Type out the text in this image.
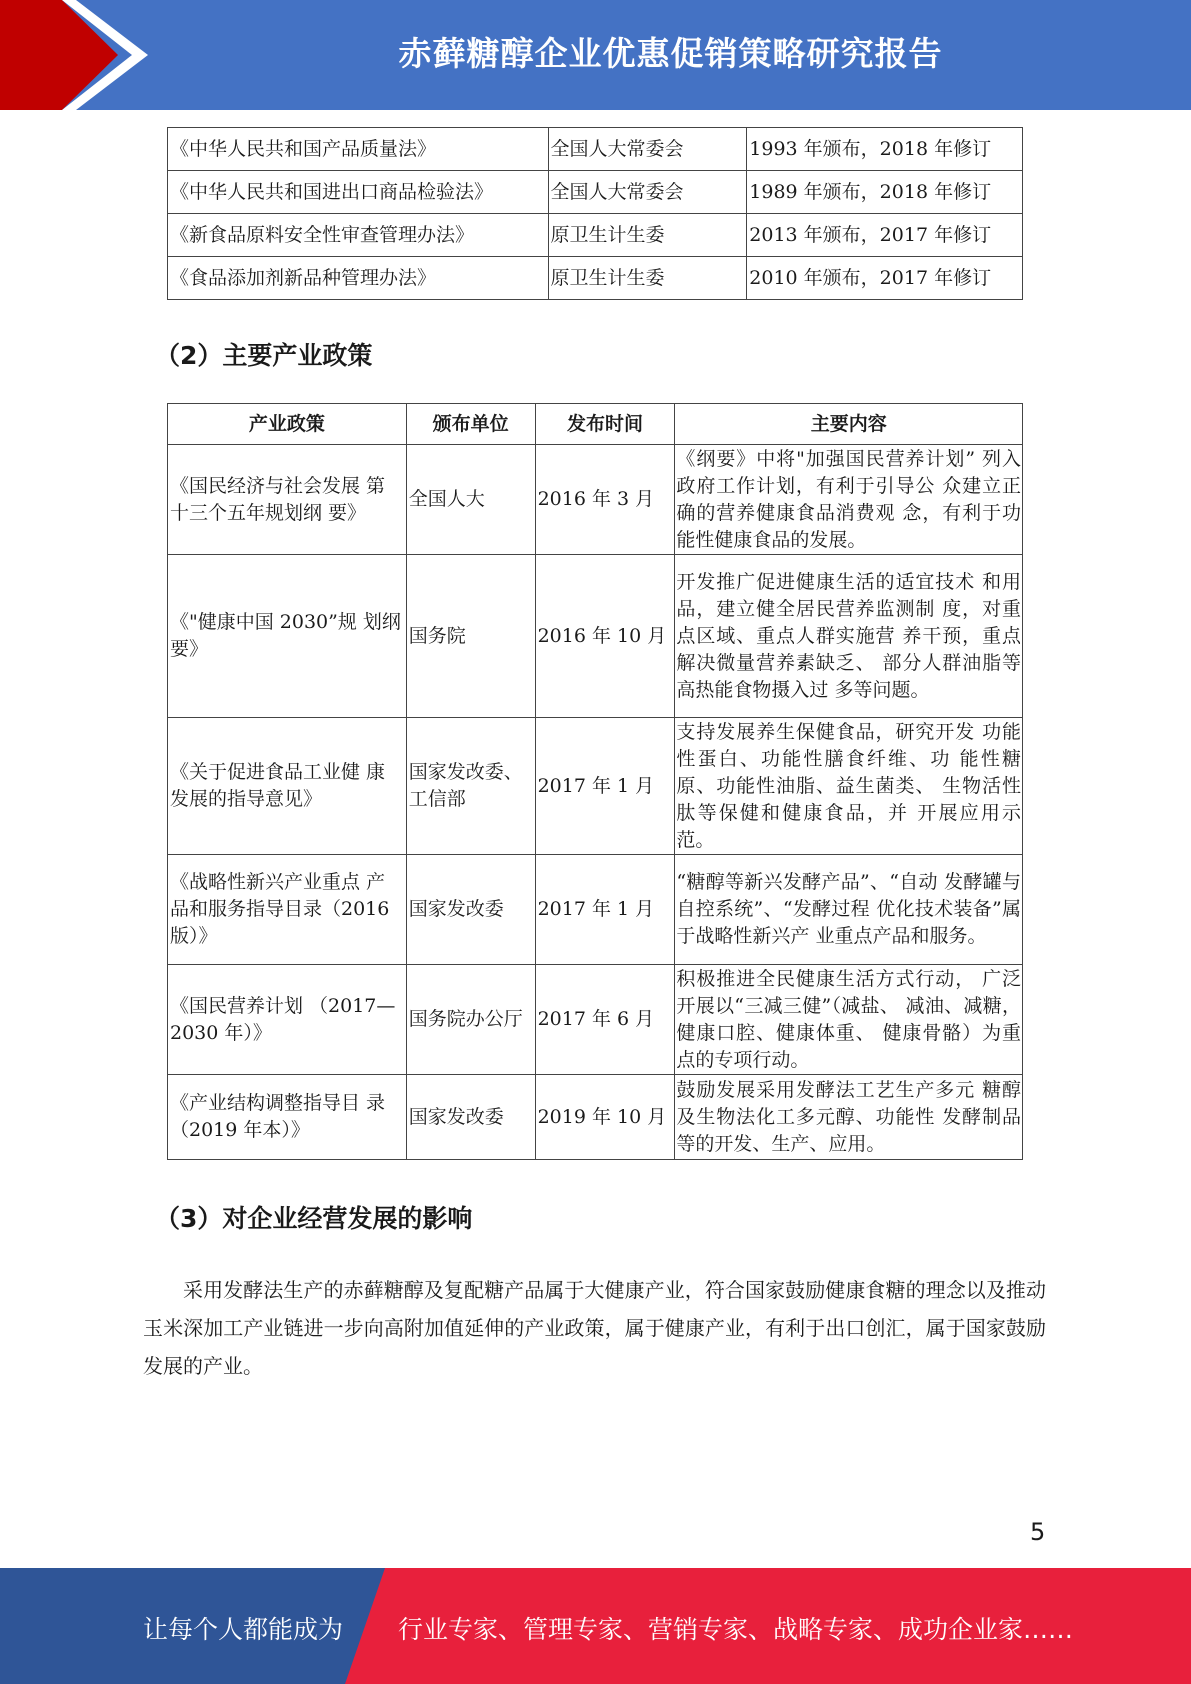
赤藓糖醇企业优惠促销策略研究报告
《中华人民共和国产品质量法》	全国人大常委会	1993 年颁布，2018 年修订
《中华人民共和国进出口商品检验法》	全国人大常委会	1989 年颁布，2018 年修订
《新食品原料安全性审查管理办法》	原卫生计生委	2013 年颁布，2017 年修订
《食品添加剂新品种管理办法》	原卫生计生委	2010 年颁布，2017 年修订
（2）主要产业政策
产业政策	颁布单位	发布时间	主要内容
《国民经济与社会发展 第十三个五年规划纲 要》	全国人大	2016 年 3 月	《纲要》中将"加强国民营养计划” 列入政府工作计划，有利于引导公 众建立正确的营养健康食品消费观 念，有利于功能性健康食品的发展。
《"健康中国 2030”规 划纲要》	国务院	2016 年 10 月	开发推广促进健康生活的适宜技术 和用品，建立健全居民营养监测制 度，对重点区域、重点人群实施营 养干预，重点解决微量营养素缺乏、 部分人群油脂等高热能食物摄入过 多等问题。
《关于促进食品工业健 康发展的指导意见》	国家发改委、工信部	2017 年 1 月	支持发展养生保健食品，研究开发 功能性蛋白、功能性膳食纤维、功 能性糖原、功能性油脂、益生菌类、 生物活性肽等保健和健康食品，并 开展应用示范。
《战略性新兴产业重点 产品和服务指导目录（2016 版）》	国家发改委	2017 年 1 月	“糖醇等新兴发酵产品”、“自动 发酵罐与自控系统”、“发酵过程 优化技术装备”属于战略性新兴产 业重点产品和服务。
《国民营养计划 （2017—2030 年）》	国务院办公厅	2017 年 6 月	积极推进全民健康生活方式行动， 广泛开展以“三减三健”（减盐、 减油、减糖，健康口腔、健康体重、 健康骨骼）为重点的专项行动。
《产业结构调整指导目 录（2019 年本）》	国家发改委	2019 年 10 月	鼓励发展采用发酵法工艺生产多元 糖醇及生物法化工多元醇、功能性 发酵制品等的开发、生产、应用。
（3）对企业经营发展的影响

采用发酵法生产的赤藓糖醇及复配糖产品属于大健康产业，符合国家鼓励健康食糖的理念以及推动玉米深加工产业链进一步向高附加值延伸的产业政策，属于健康产业，有利于出口创汇，属于国家鼓励发展的产业。

5
让每个人都能成为 行业专家、管理专家、营销专家、战略专家、成功企业家……
